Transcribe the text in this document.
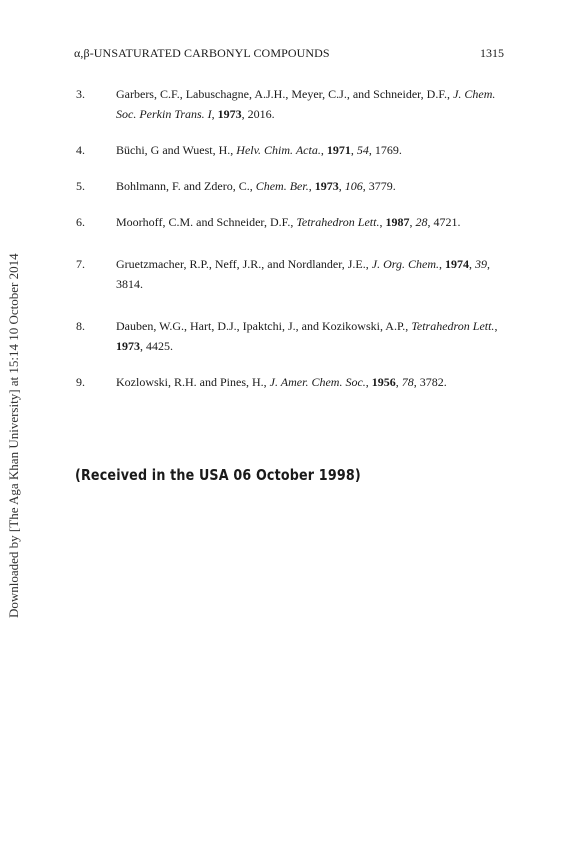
α,β-UNSATURATED CARBONYL COMPOUNDS	1315
3.	Garbers, C.F., Labuschagne, A.J.H., Meyer, C.J., and Schneider, D.F., J. Chem. Soc. Perkin Trans. I, 1973, 2016.
4.	Büchi, G and Wuest, H., Helv. Chim. Acta., 1971, 54, 1769.
5.	Bohlmann, F. and Zdero, C., Chem. Ber., 1973, 106, 3779.
6.	Moorhoff, C.M. and Schneider, D.F., Tetrahedron Lett., 1987, 28, 4721.
7.	Gruetzmacher, R.P., Neff, J.R., and Nordlander, J.E., J. Org. Chem., 1974, 39, 3814.
8.	Dauben, W.G., Hart, D.J., Ipaktchi, J., and Kozikowski, A.P., Tetrahedron Lett., 1973, 4425.
9.	Kozlowski, R.H. and Pines, H., J. Amer. Chem. Soc., 1956, 78, 3782.
(Received in the USA 06 October 1998)
Downloaded by [The Aga Khan University] at 15:14 10 October 2014
